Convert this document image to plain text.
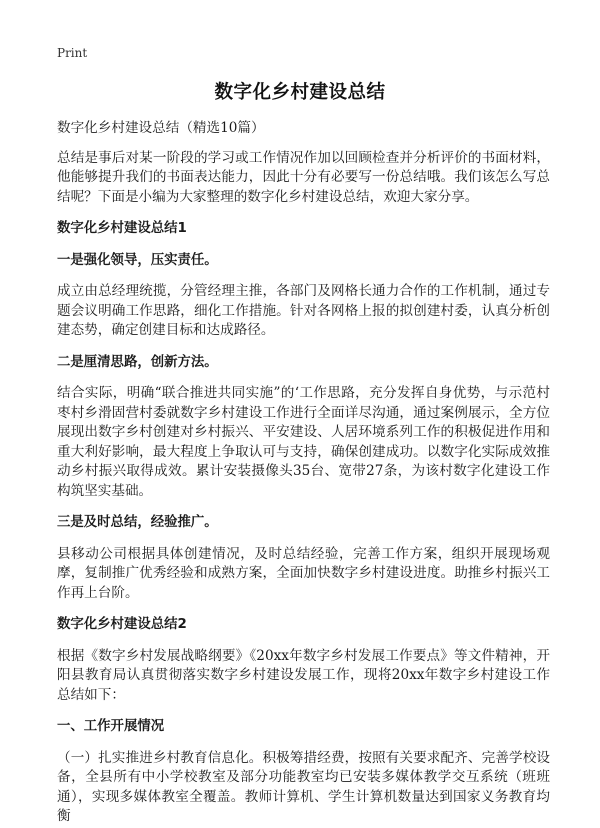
Print
数字化乡村建设总结

数字化乡村建设总结（精选10篇）

总结是事后对某一阶段的学习或工作情况作加以回顾检查并分析评价的书面材料，他能够提升我们的书面表达能力，因此十分有必要写一份总结哦。我们该怎么写总结呢？下面是小编为大家整理的数字化乡村建设总结，欢迎大家分享。

数字化乡村建设总结1

一是强化领导，压实责任。

成立由总经理统揽，分管经理主推，各部门及网格长通力合作的工作机制，通过专题会议明确工作思路，细化工作措施。针对各网格上报的拟创建村委，认真分析创建态势，确定创建目标和达成路径。

二是厘清思路，创新方法。

结合实际，明确“联合推进共同实施”的‘工作思路，充分发挥自身优势，与示范村枣村乡滑固营村委就数字乡村建设工作进行全面详尽沟通，通过案例展示，全方位展现出数字乡村创建对乡村振兴、平安建设、人居环境系列工作的积极促进作用和重大利好影响，最大程度上争取认可与支持，确保创建成功。以数字化实际成效推动乡村振兴取得成效。累计安装摄像头35台、宽带27条，为该村数字化建设工作构筑坚实基础。

三是及时总结，经验推广。

县移动公司根据具体创建情况，及时总结经验，完善工作方案，组织开展现场观摩，复制推广优秀经验和成熟方案，全面加快数字乡村建设进度。助推乡村振兴工作再上台阶。

数字化乡村建设总结2

根据《数字乡村发展战略纲要》《20xx年数字乡村发展工作要点》等文件精神，开阳县教育局认真贯彻落实数字乡村建设发展工作，现将20xx年数字乡村建设工作总结如下：

一、工作开展情况

（一）扎实推进乡村教育信息化。积极筹措经费，按照有关要求配齐、完善学校设备，全县所有中小学校教室及部分功能教室均已安装多媒体教学交互系统（班班通），实现多媒体教室全覆盖。教师计算机、学生计算机数量达到国家义务教育均衡
